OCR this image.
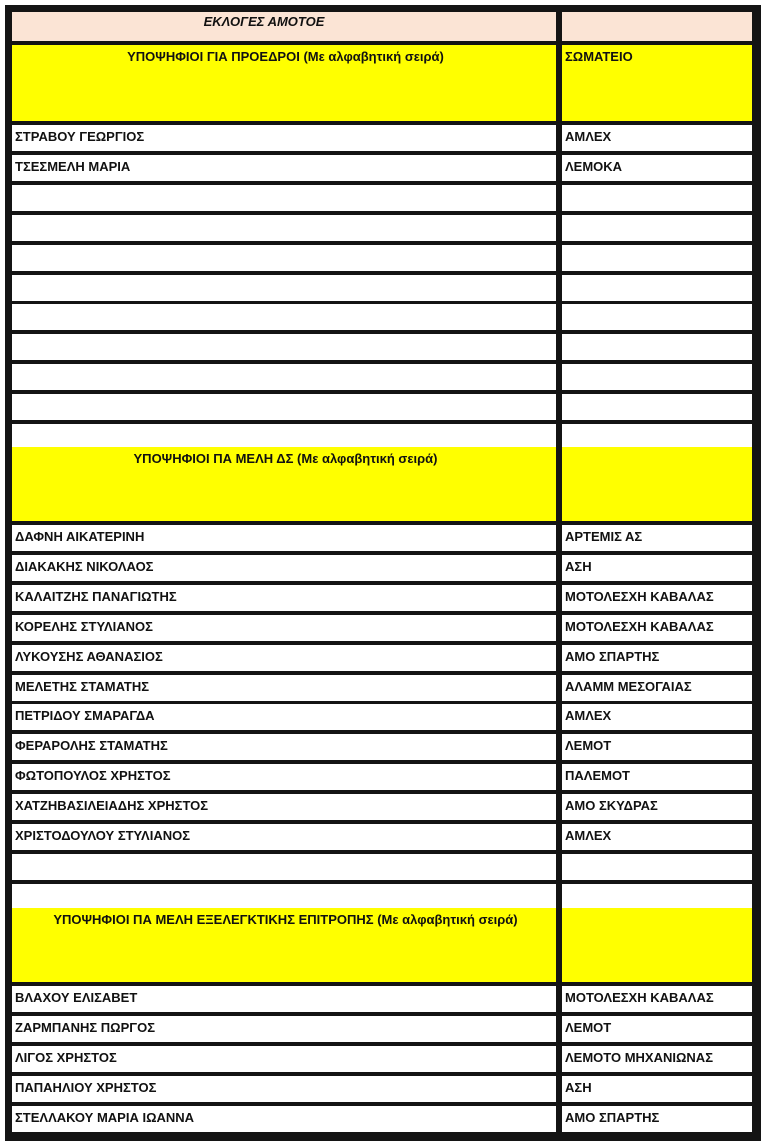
ΕΚΛΟΓΕΣ ΑΜΟΤΟΕ
ΥΠΟΨΗΦΙΟΙ ΓΙΑ ΠΡΟΕΔΡΟΙ (Με αλφαβητική σειρά)	ΣΩΜΑΤΕΙΟ
ΣΤΡΑΒΟΥ ΓΕΩΡΓΙΟΣ	ΑΜΛΕΧ
ΤΣΕΣΜΕΛΗ ΜΑΡΙΑ	ΛΕΜΟΚΑ
ΥΠΟΨΗΦΙΟΙ ΠΑ ΜΕΛΗ ΔΣ (Με αλφαβητική σειρά)
ΔΑΦΝΗ ΑΙΚΑΤΕΡΙΝΗ	ΑΡΤΕΜΙΣ ΑΣ
ΔΙΑΚΑΚΗΣ ΝΙΚΟΛΑΟΣ	ΑΣΗ
ΚΑΛΑΙΤΖΗΣ ΠΑΝΑΓΙΩΤΗΣ	ΜΟΤΟΛΕΣΧΗ ΚΑΒΑΛΑΣ
ΚΟΡΕΛΗΣ ΣΤΥΛΙΑΝΟΣ	ΜΟΤΟΛΕΣΧΗ ΚΑΒΑΛΑΣ
ΛΥΚΟΥΣΗΣ ΑΘΑΝΑΣΙΟΣ	ΑΜΟ ΣΠΑΡΤΗΣ
ΜΕΛΕΤΗΣ ΣΤΑΜΑΤΗΣ	ΑΛΑΜΜ ΜΕΣΟΓΑΙΑΣ
ΠΕΤΡΙΔΟΥ ΣΜΑΡΑΓΔΑ	ΑΜΛΕΧ
ΦΕΡΑΡΟΛΗΣ ΣΤΑΜΑΤΗΣ	ΛΕΜΟΤ
ΦΩΤΟΠΟΥΛΟΣ ΧΡΗΣΤΟΣ	ΠΑΛΕΜΟΤ
ΧΑΤΖΗΒΑΣΙΛΕΙΑΔΗΣ ΧΡΗΣΤΟΣ	ΑΜΟ ΣΚΥΔΡΑΣ
ΧΡΙΣΤΟΔΟΥΛΟΥ ΣΤΥΛΙΑΝΟΣ	ΑΜΛΕΧ
ΥΠΟΨΗΦΙΟΙ ΠΑ ΜΕΛΗ ΕΞΕΛΕΓΚΤΙΚΗΣ ΕΠΙΤΡΟΠΗΣ (Με αλφαβητική σειρά)
ΒΛΑΧΟΥ ΕΛΙΣΑΒΕΤ	ΜΟΤΟΛΕΣΧΗ ΚΑΒΑΛΑΣ
ΖΑΡΜΠΑΝΗΣ ΠΩΡΓΟΣ	ΛΕΜΟΤ
ΛΙΓΟΣ ΧΡΗΣΤΟΣ	ΛΕΜΟΤΟ ΜΗΧΑΝΙΩΝΑΣ
ΠΑΠΑΗΛΙΟΥ ΧΡΗΣΤΟΣ	ΑΣΗ
ΣΤΕΛΛΑΚΟΥ ΜΑΡΙΑ ΙΩΑΝΝΑ	ΑΜΟ ΣΠΑΡΤΗΣ
